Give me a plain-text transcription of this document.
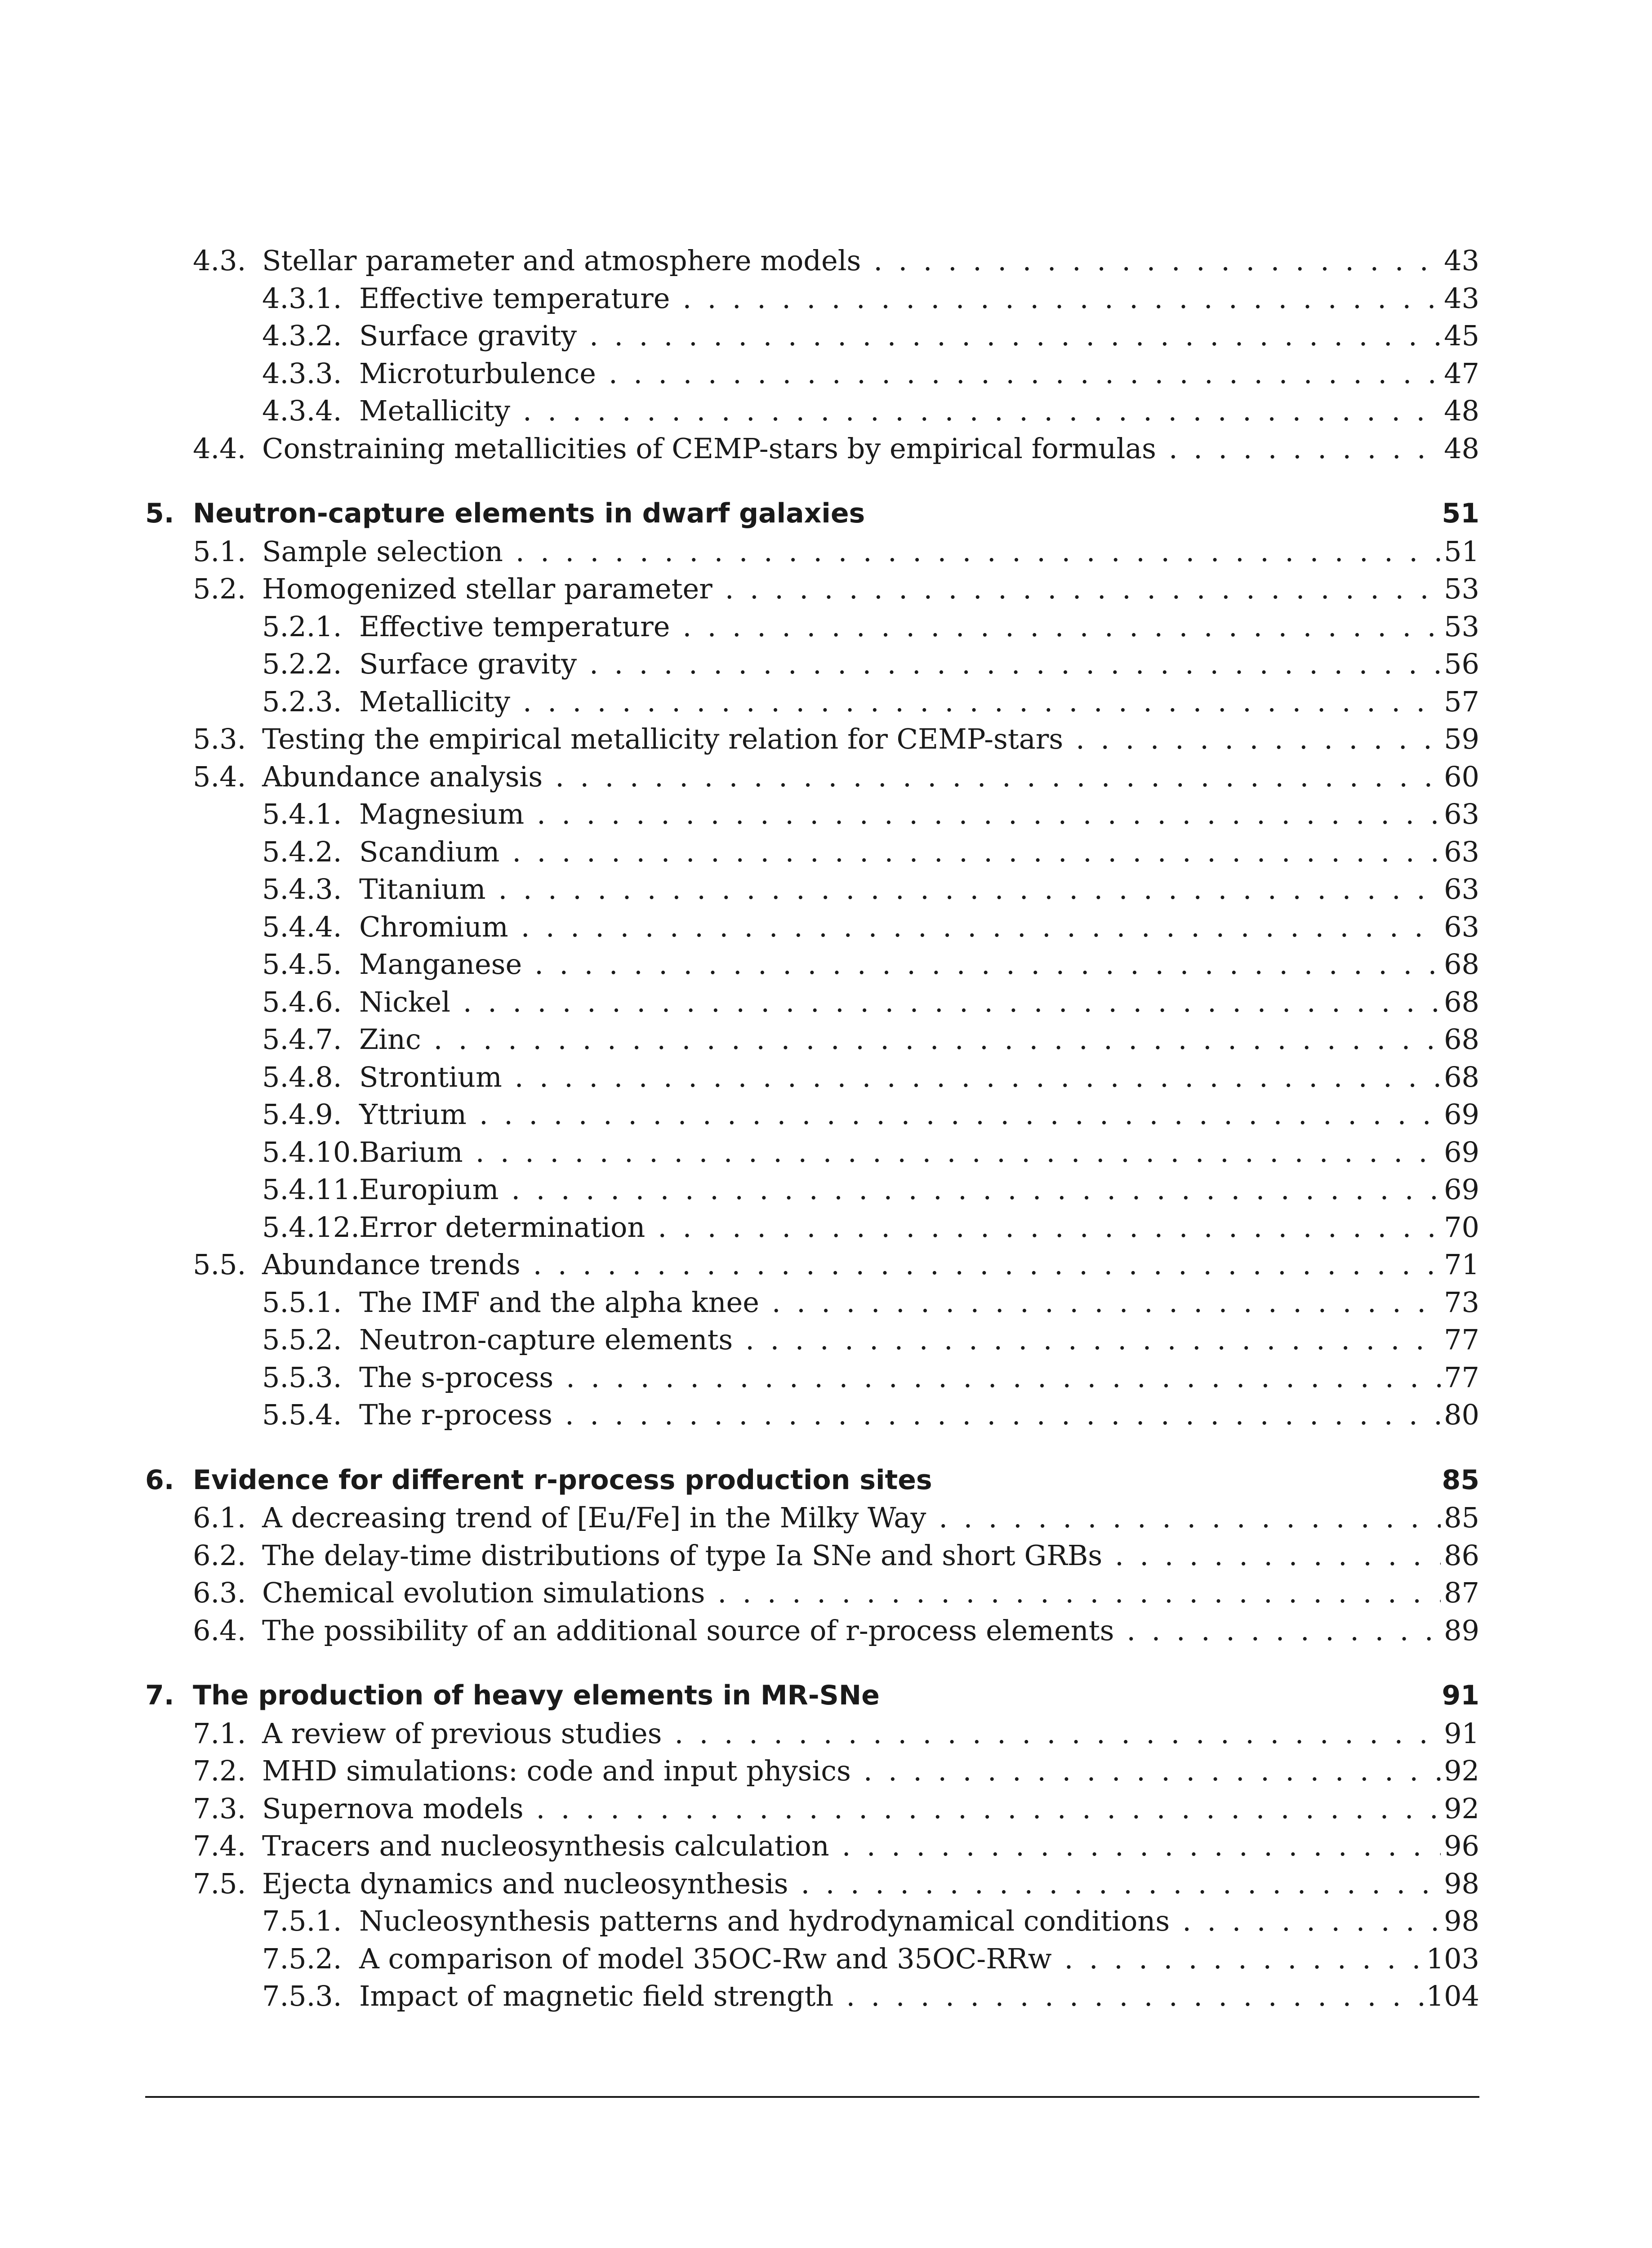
4.3. Stellar parameter and atmosphere models .....	43
4.3.1. Effective temperature .....	43
4.3.2. Surface gravity .....	45
4.3.3. Microturbulence .....	47
4.3.4. Metallicity .....	48
4.4. Constraining metallicities of CEMP-stars by empirical formulas .....	48
5. Neutron-capture elements in dwarf galaxies	51
5.1. Sample selection .....	51
5.2. Homogenized stellar parameter .....	53
5.2.1. Effective temperature .....	53
5.2.2. Surface gravity .....	56
5.2.3. Metallicity .....	57
5.3. Testing the empirical metallicity relation for CEMP-stars .....	59
5.4. Abundance analysis .....	60
5.4.1. Magnesium .....	63
5.4.2. Scandium .....	63
5.4.3. Titanium .....	63
5.4.4. Chromium .....	63
5.4.5. Manganese .....	68
5.4.6. Nickel .....	68
5.4.7. Zinc .....	68
5.4.8. Strontium .....	68
5.4.9. Yttrium .....	69
5.4.10. Barium .....	69
5.4.11. Europium .....	69
5.4.12. Error determination .....	70
5.5. Abundance trends .....	71
5.5.1. The IMF and the alpha knee .....	73
5.5.2. Neutron-capture elements .....	77
5.5.3. The s-process .....	77
5.5.4. The r-process .....	80
6. Evidence for different r-process production sites	85
6.1. A decreasing trend of [Eu/Fe] in the Milky Way .....	85
6.2. The delay-time distributions of type Ia SNe and short GRBs .....	86
6.3. Chemical evolution simulations .....	87
6.4. The possibility of an additional source of r-process elements .....	89
7. The production of heavy elements in MR-SNe	91
7.1. A review of previous studies .....	91
7.2. MHD simulations: code and input physics .....	92
7.3. Supernova models .....	92
7.4. Tracers and nucleosynthesis calculation .....	96
7.5. Ejecta dynamics and nucleosynthesis .....	98
7.5.1. Nucleosynthesis patterns and hydrodynamical conditions .....	98
7.5.2. A comparison of model 35OC-Rw and 35OC-RRw .....	103
7.5.3. Impact of magnetic field strength .....	104
